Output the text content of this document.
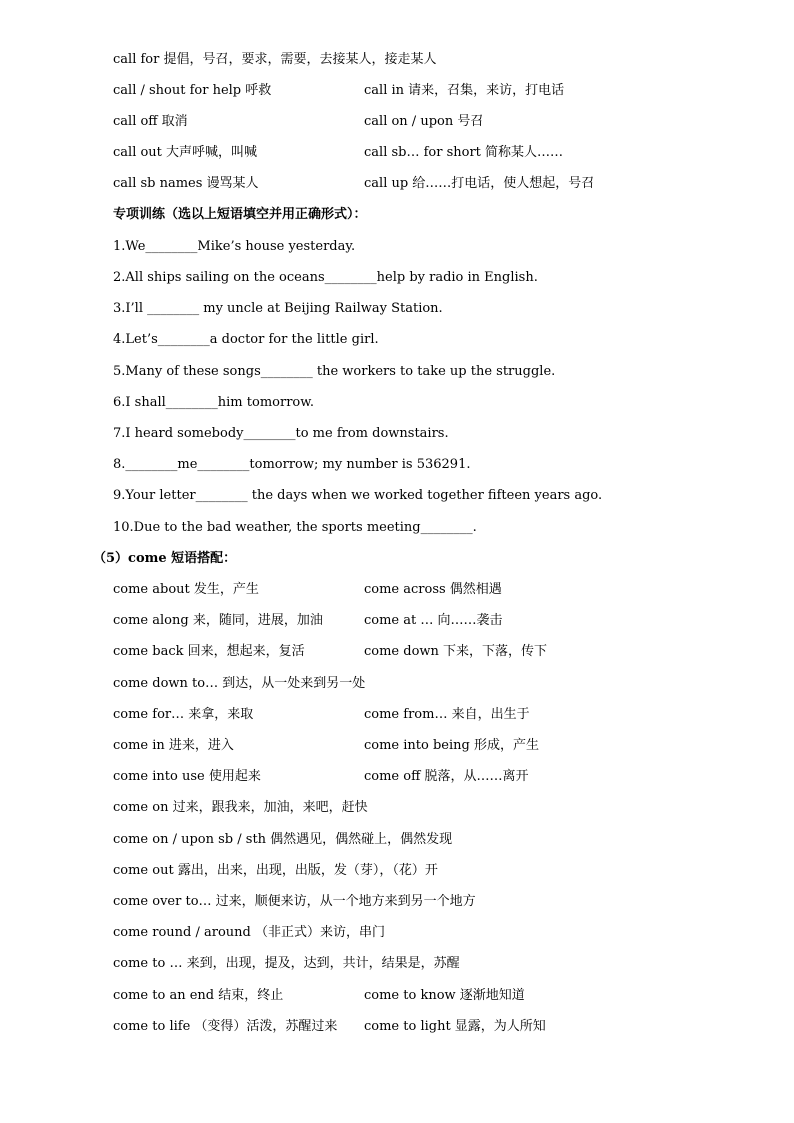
call for 提倡，号召，要求，需要，去接某人，接走某人
call / shout for help 呼救	call in 请来，召集，来访，打电话
call off 取消	call on / upon 号召
call out 大声呼喊，叫喊	call sb… for short 简称某人……
call sb names 谩骂某人	call up 给……打电话，使人想起，号召
专项训练（选以上短语填空并用正确形式）：
1.We________Mike’s house yesterday.
2.All ships sailing on the oceans________help by radio in English.
3.I’ll ________ my uncle at Beijing Railway Station.
4.Let’s________a doctor for the little girl.
5.Many of these songs________ the workers to take up the struggle.
6.I shall________him tomorrow.
7.I heard somebody________to me from downstairs.
8.________me________tomorrow; my number is 536291.
9.Your letter________ the days when we worked together fifteen years ago.
10.Due to the bad weather, the sports meeting________.
（5）come 短语搭配：
come about 发生，产生	come across 偶然相遇
come along 来，随同，进展，加油	come at … 向……袭击
come back 回来，想起来，复活	come down 下来，下落，传下
come down to… 到达，从一处来到另一处
come for… 来拿，来取	come from… 来自，出生于
come in 进来，进入	come into being 形成，产生
come into use 使用起来	come off 脱落，从……离开
come on 过来，跟我来，加油，来吧，赶快
come on / upon sb / sth 偶然遇见，偶然碰上，偶然发现
come out 露出，出来，出现，出版，发（芽），（花）开
come over to… 过来，顺便来访，从一个地方来到另一个地方
come round / around （非正式）来访，串门
come to … 来到，出现，提及，达到，共计，结果是，苏醒
come to an end 结束，终止	come to know 逐渐地知道
come to life （变得）活泼，苏醒过来 come to light 显露，为人所知
